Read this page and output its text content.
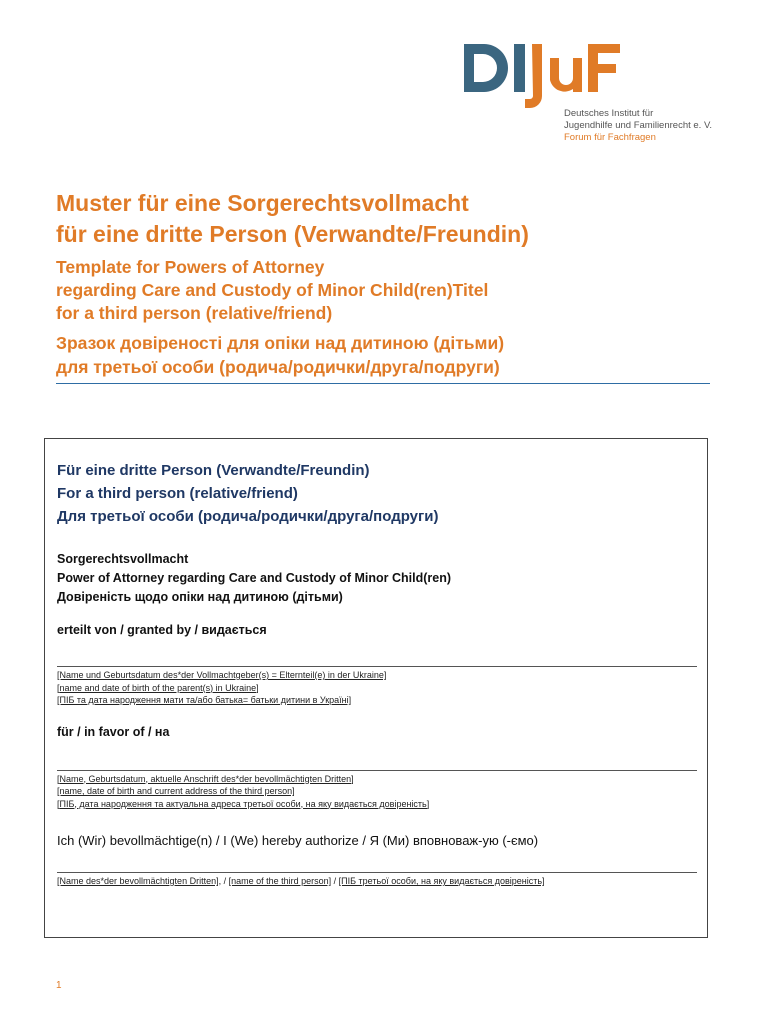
Deutsches Institut für
Jugendhilfe und Familienrecht e. V.
Forum für Fachfragen
Muster für eine Sorgerechtsvollmacht
für eine dritte Person (Verwandte/Freundin)
Template for Powers of Attorney
regarding Care and Custody of Minor Child(ren)Titel
for a third person (relative/friend)
Зразок довіреності для опіки над дитиною (дітьми)
для третьої особи (родича/родички/друга/подруги)
Für eine dritte Person (Verwandte/Freundin)
For a third person (relative/friend)
Для третьої особи (родича/родички/друга/подруги)
Sorgerechtsvollmacht
Power of Attorney regarding Care and Custody of Minor Child(ren)
Довіреність щодо опіки над дитиною (дітьми)
erteilt von / granted by / видається
[Name und Geburtsdatum des*der Vollmachtgeber(s) = Elternteil(e) in der Ukraine]
[name and date of birth of the parent(s) in Ukraine]
[ПІБ та дата народження мати та/або батька= батьки дитини в Україні]
für / in favor of / на
[Name, Geburtsdatum, aktuelle Anschrift des*der bevollmächtigten Dritten]
[name, date of birth and current address of the third person]
[ПІБ, дата народження та актуальна адреса третьої особи, на яку видається довіреність]
Ich (Wir) bevollmächtige(n) / I (We) hereby authorize / Я (Ми) вповноваж-ую (-ємо)
[Name des*der bevollmächtigten Dritten], / [name of the third person] / [ПІБ третьої особи, на яку видається довіреність]
1
